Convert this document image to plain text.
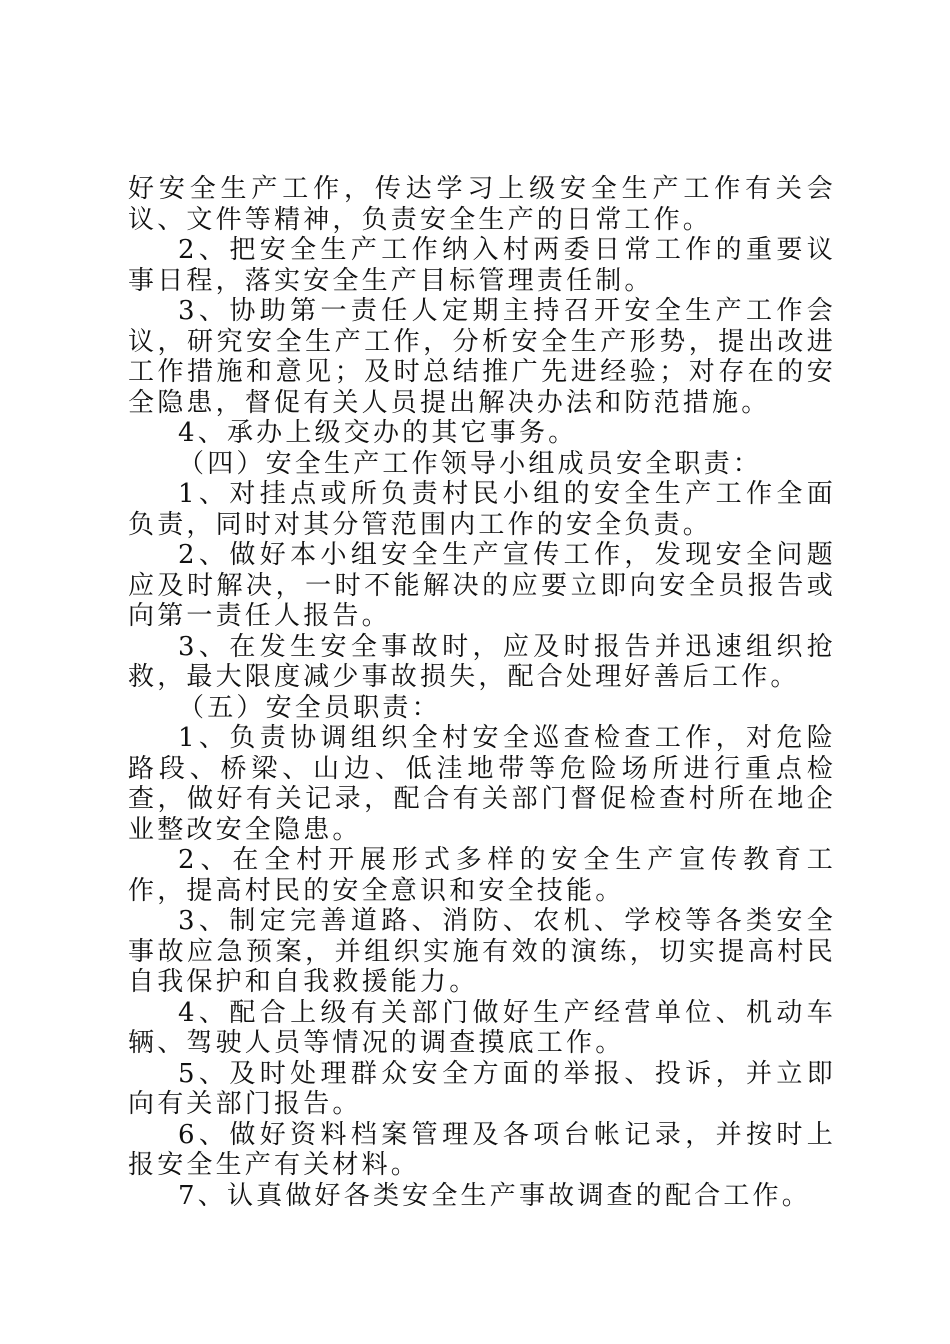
好安全生产工作，传达学习上级安全生产工作有关会议、文件等精神，负责安全生产的日常工作。

2、把安全生产工作纳入村两委日常工作的重要议事日程，落实安全生产目标管理责任制。

3、协助第一责任人定期主持召开安全生产工作会议，研究安全生产工作，分析安全生产形势，提出改进工作措施和意见；及时总结推广先进经验；对存在的安全隐患，督促有关人员提出解决办法和防范措施。

4、承办上级交办的其它事务。

（四）安全生产工作领导小组成员安全职责：

1、对挂点或所负责村民小组的安全生产工作全面负责，同时对其分管范围内工作的安全负责。

2、做好本小组安全生产宣传工作，发现安全问题应及时解决，一时不能解决的应要立即向安全员报告或向第一责任人报告。

3、在发生安全事故时，应及时报告并迅速组织抢救，最大限度减少事故损失，配合处理好善后工作。

（五）安全员职责：

1、负责协调组织全村安全巡查检查工作，对危险路段、桥梁、山边、低洼地带等危险场所进行重点检查，做好有关记录，配合有关部门督促检查村所在地企业整改安全隐患。

2、在全村开展形式多样的安全生产宣传教育工作，提高村民的安全意识和安全技能。

3、制定完善道路、消防、农机、学校等各类安全事故应急预案，并组织实施有效的演练，切实提高村民自我保护和自我救援能力。

4、配合上级有关部门做好生产经营单位、机动车辆、驾驶人员等情况的调查摸底工作。

5、及时处理群众安全方面的举报、投诉，并立即向有关部门报告。

6、做好资料档案管理及各项台帐记录，并按时上报安全生产有关材料。

7、认真做好各类安全生产事故调查的配合工作。
